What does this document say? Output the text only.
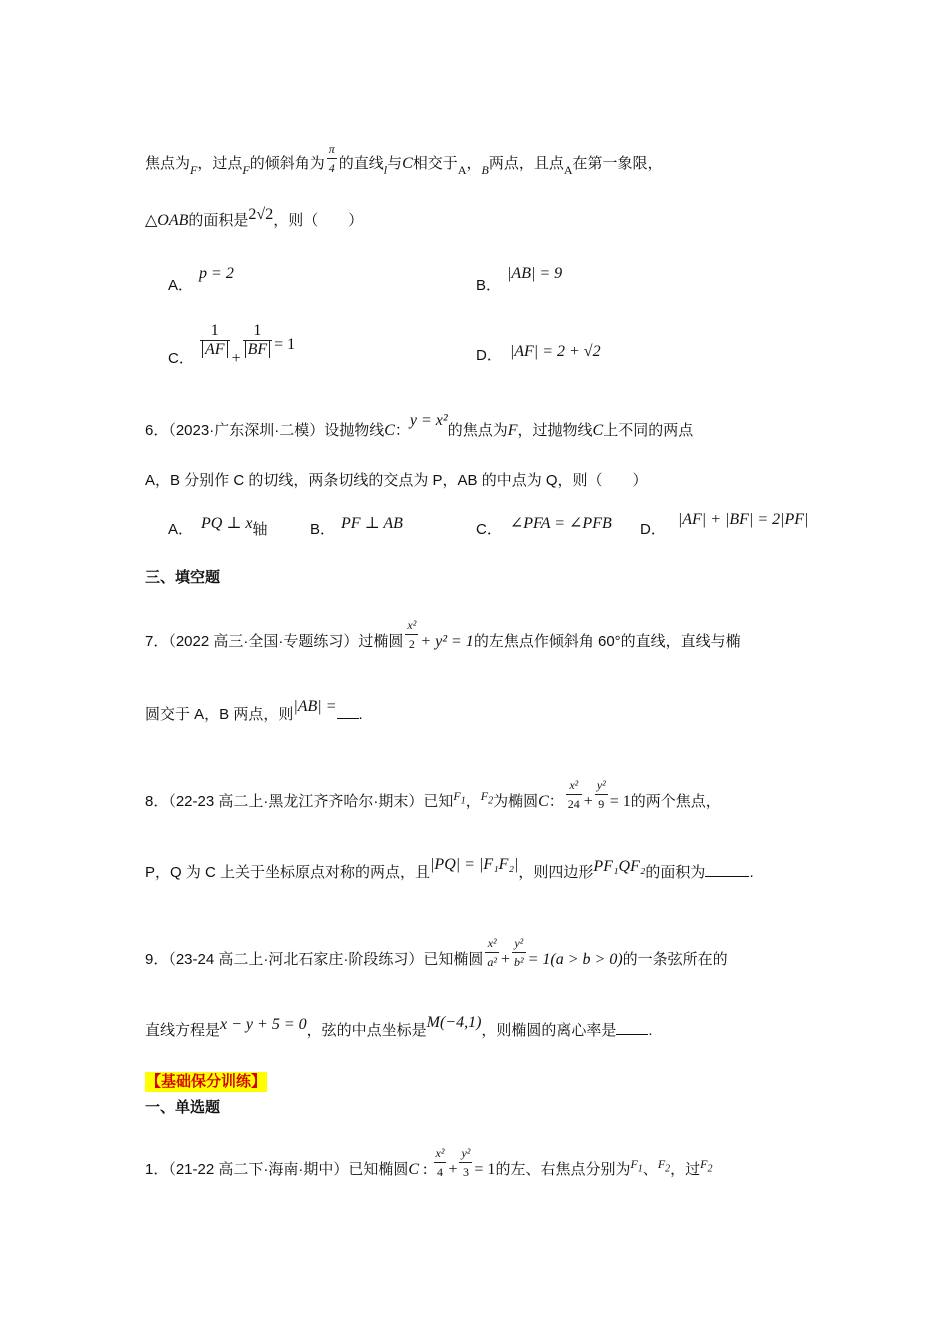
焦点为$_F$，过点$_F$的倾斜角为 $\frac{\pi}{4}$ 的直线$_l$与C相交于$_A$，$_B$两点，且点$_A$在第一象限，
△OAB的面积是2√2，则（　　）
A．p = 2
B．|AB| = 9
C． $\frac{1}{AF} + \frac{1}{BF} = 1$
D． |AF| = 2 + √2
6．（2023·广东深圳·二模）设抛物线C：y = x²的焦点为F，过抛物线C上不同的两点
A，B 分别作 C 的切线，两条切线的交点为 P，AB 的中点为 Q，则（　　）
A． PQ ⊥ x轴	B． PF ⊥ AB	C． ∠PFA = ∠PFB D．|AF| + |BF| = 2|PF|
三、填空题
7．（2022 高三·全国·专题练习）过椭圆 $\frac{\text{x²}}{2} + y^2 = 1$的左焦点作倾斜角 60°的直线，直线与椭
圆交于 A，B 两点，则|AB| = .
8．（22-23 高二上·黑龙江齐齐哈尔·期末）已知$^{F_1}$，$^{F_2}$为椭圆C： $\frac{\text{x²}}{24} + \frac{\text{y²}}{9} = 1$的两个焦点，
P，Q 为 C 上关于坐标原点对称的两点，且|PQ| = |F₁F₂|，则四边形PF₁QF₂的面积为	.
9．（23-24 高二上·河北石家庄·阶段练习）已知椭圆 $\frac{\text{x²}}{\text{a²}} + \frac{\text{y²}}{\text{b²}} = 1(a > b > 0)$的一条弦所在的
直线方程是x − y + 5 = 0，弦的中点坐标是M(−4,1)，则椭圆的离心率是 .
【基础保分训练】
一、单选题
1．（21-22 高二下·海南·期中）已知椭圆C : $\frac{\text{x²}}{4} + \frac{\text{y²}}{3} = 1$的左、右焦点分别为$^{F_1}$、$^{F_2}$，过$^{F_2}$
